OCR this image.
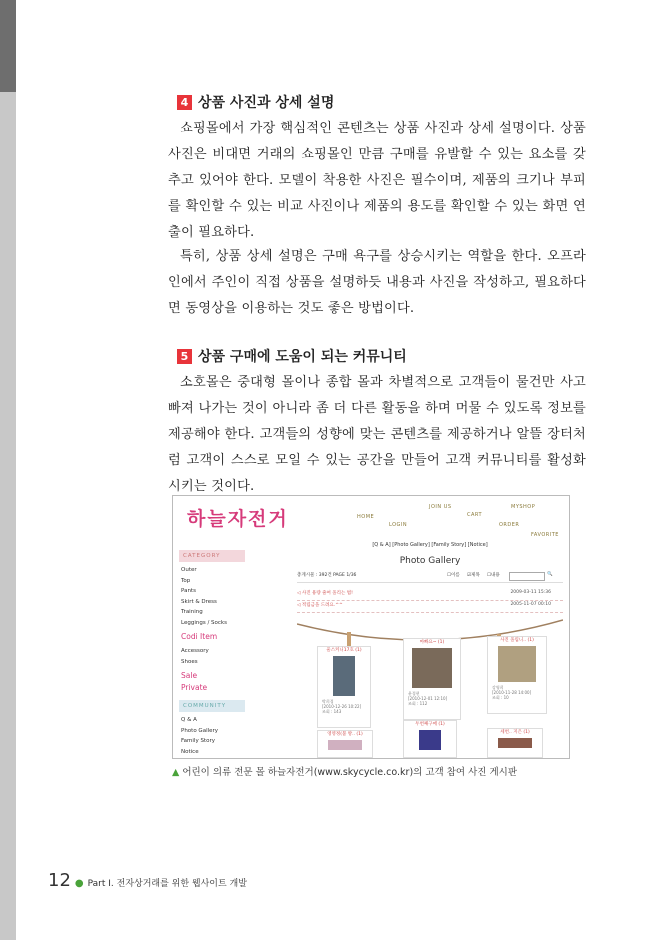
4 상품 사진과 상세 설명

쇼핑몰에서 가장 핵심적인 콘텐츠는 상품 사진과 상세 설명이다. 상품 사진은 비대면 거래의 쇼핑몰인 만큼 구매를 유발할 수 있는 요소를 갖추고 있어야 한다. 모델이 착용한 사진은 필수이며, 제품의 크기나 부피를 확인할 수 있는 비교 사진이나 제품의 용도를 확인할 수 있는 화면 연출이 필요하다.

특히, 상품 상세 설명은 구매 욕구를 상승시키는 역할을 한다. 오프라인에서 주인이 직접 상품을 설명하듯 내용과 사진을 작성하고, 필요하다면 동영상을 이용하는 것도 좋은 방법이다.

5 상품 구매에 도움이 되는 커뮤니티

소호몰은 중대형 몰이나 종합 몰과 차별적으로 고객들이 물건만 사고 빠져 나가는 것이 아니라 좀 더 다른 활동을 하며 머물 수 있도록 정보를 제공해야 한다. 고객들의 성향에 맞는 콘텐츠를 제공하거나 알뜰 장터처럼 고객이 스스로 모일 수 있는 공간을 만들어 고객 커뮤니티를 활성화시키는 것이다.

하늘자전거	HOME
LOGIN
JOIN US
CART
MYSHOP
ORDER
FAVORITE
CATEGORY
Outer
Top
Pants
Skirt & Dress
Training
Leggings / Socks
Codi Item
Accessory
Shoes
Sale
Private
COMMUNITY
Q & A
Photo Gallery
Family Story
Notice
[Q & A] [Photo Gallery] [Family Story] [Notice]
Photo Gallery
총게시물 : 392건 PAGE 1/36	☐이름 ☑제목 ☐내용	🔍
◁ 사진 용량 줄여 올리는 법!	2009-03-11 15:36
◁ 적립금을 드려요.^^	2005-11-07 00:10
울스커니17호 (1)
박희경
[2010-12-26 10:22]
조회 : 143
마빠요~ (1)
윤경현
[2010-12-01 12:10]
조회 : 112
사진 올립니.. (1)
강영희
[2010-11-28 14:00]
조회 : 10
두번째구매 (1)
영영정(불 방.. (1)	세번.. 지은 (1)
▲ 어린이 의류 전문 몰 하늘자전거(www.skycycle.co.kr)의 고객 참여 사진 게시판
12 ● Part Ⅰ. 전자상거래를 위한 웹사이트 개발
